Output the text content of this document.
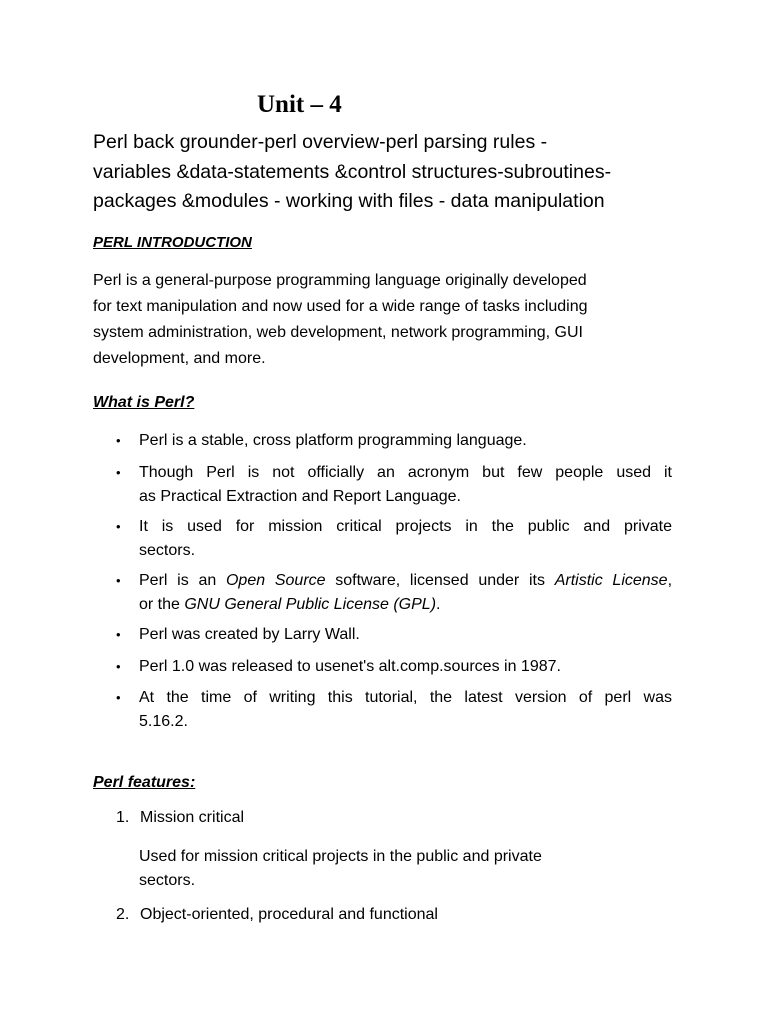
Unit – 4

Perl back grounder-perl overview-perl parsing rules -
variables &data-statements &control structures-subroutines-
packages &modules - working with files - data manipulation

PERL INTRODUCTION

Perl is a general-purpose programming language originally developed
for text manipulation and now used for a wide range of tasks including
system administration, web development, network programming, GUI
development, and more.

What is Perl?
• Perl is a stable, cross platform programming language.
• Though Perl is not officially an acronym but few people used it
as Practical Extraction and Report Language.
• It is used for mission critical projects in the public and private
sectors.
• Perl is an Open Source software, licensed under its Artistic License,
or the GNU General Public License (GPL).
• Perl was created by Larry Wall.
• Perl 1.0 was released to usenet's alt.comp.sources in 1987.
• At the time of writing this tutorial, the latest version of perl was
5.16.2.
Perl features:
1. Mission critical

Used for mission critical projects in the public and private
sectors.

2. Object-oriented, procedural and functional
